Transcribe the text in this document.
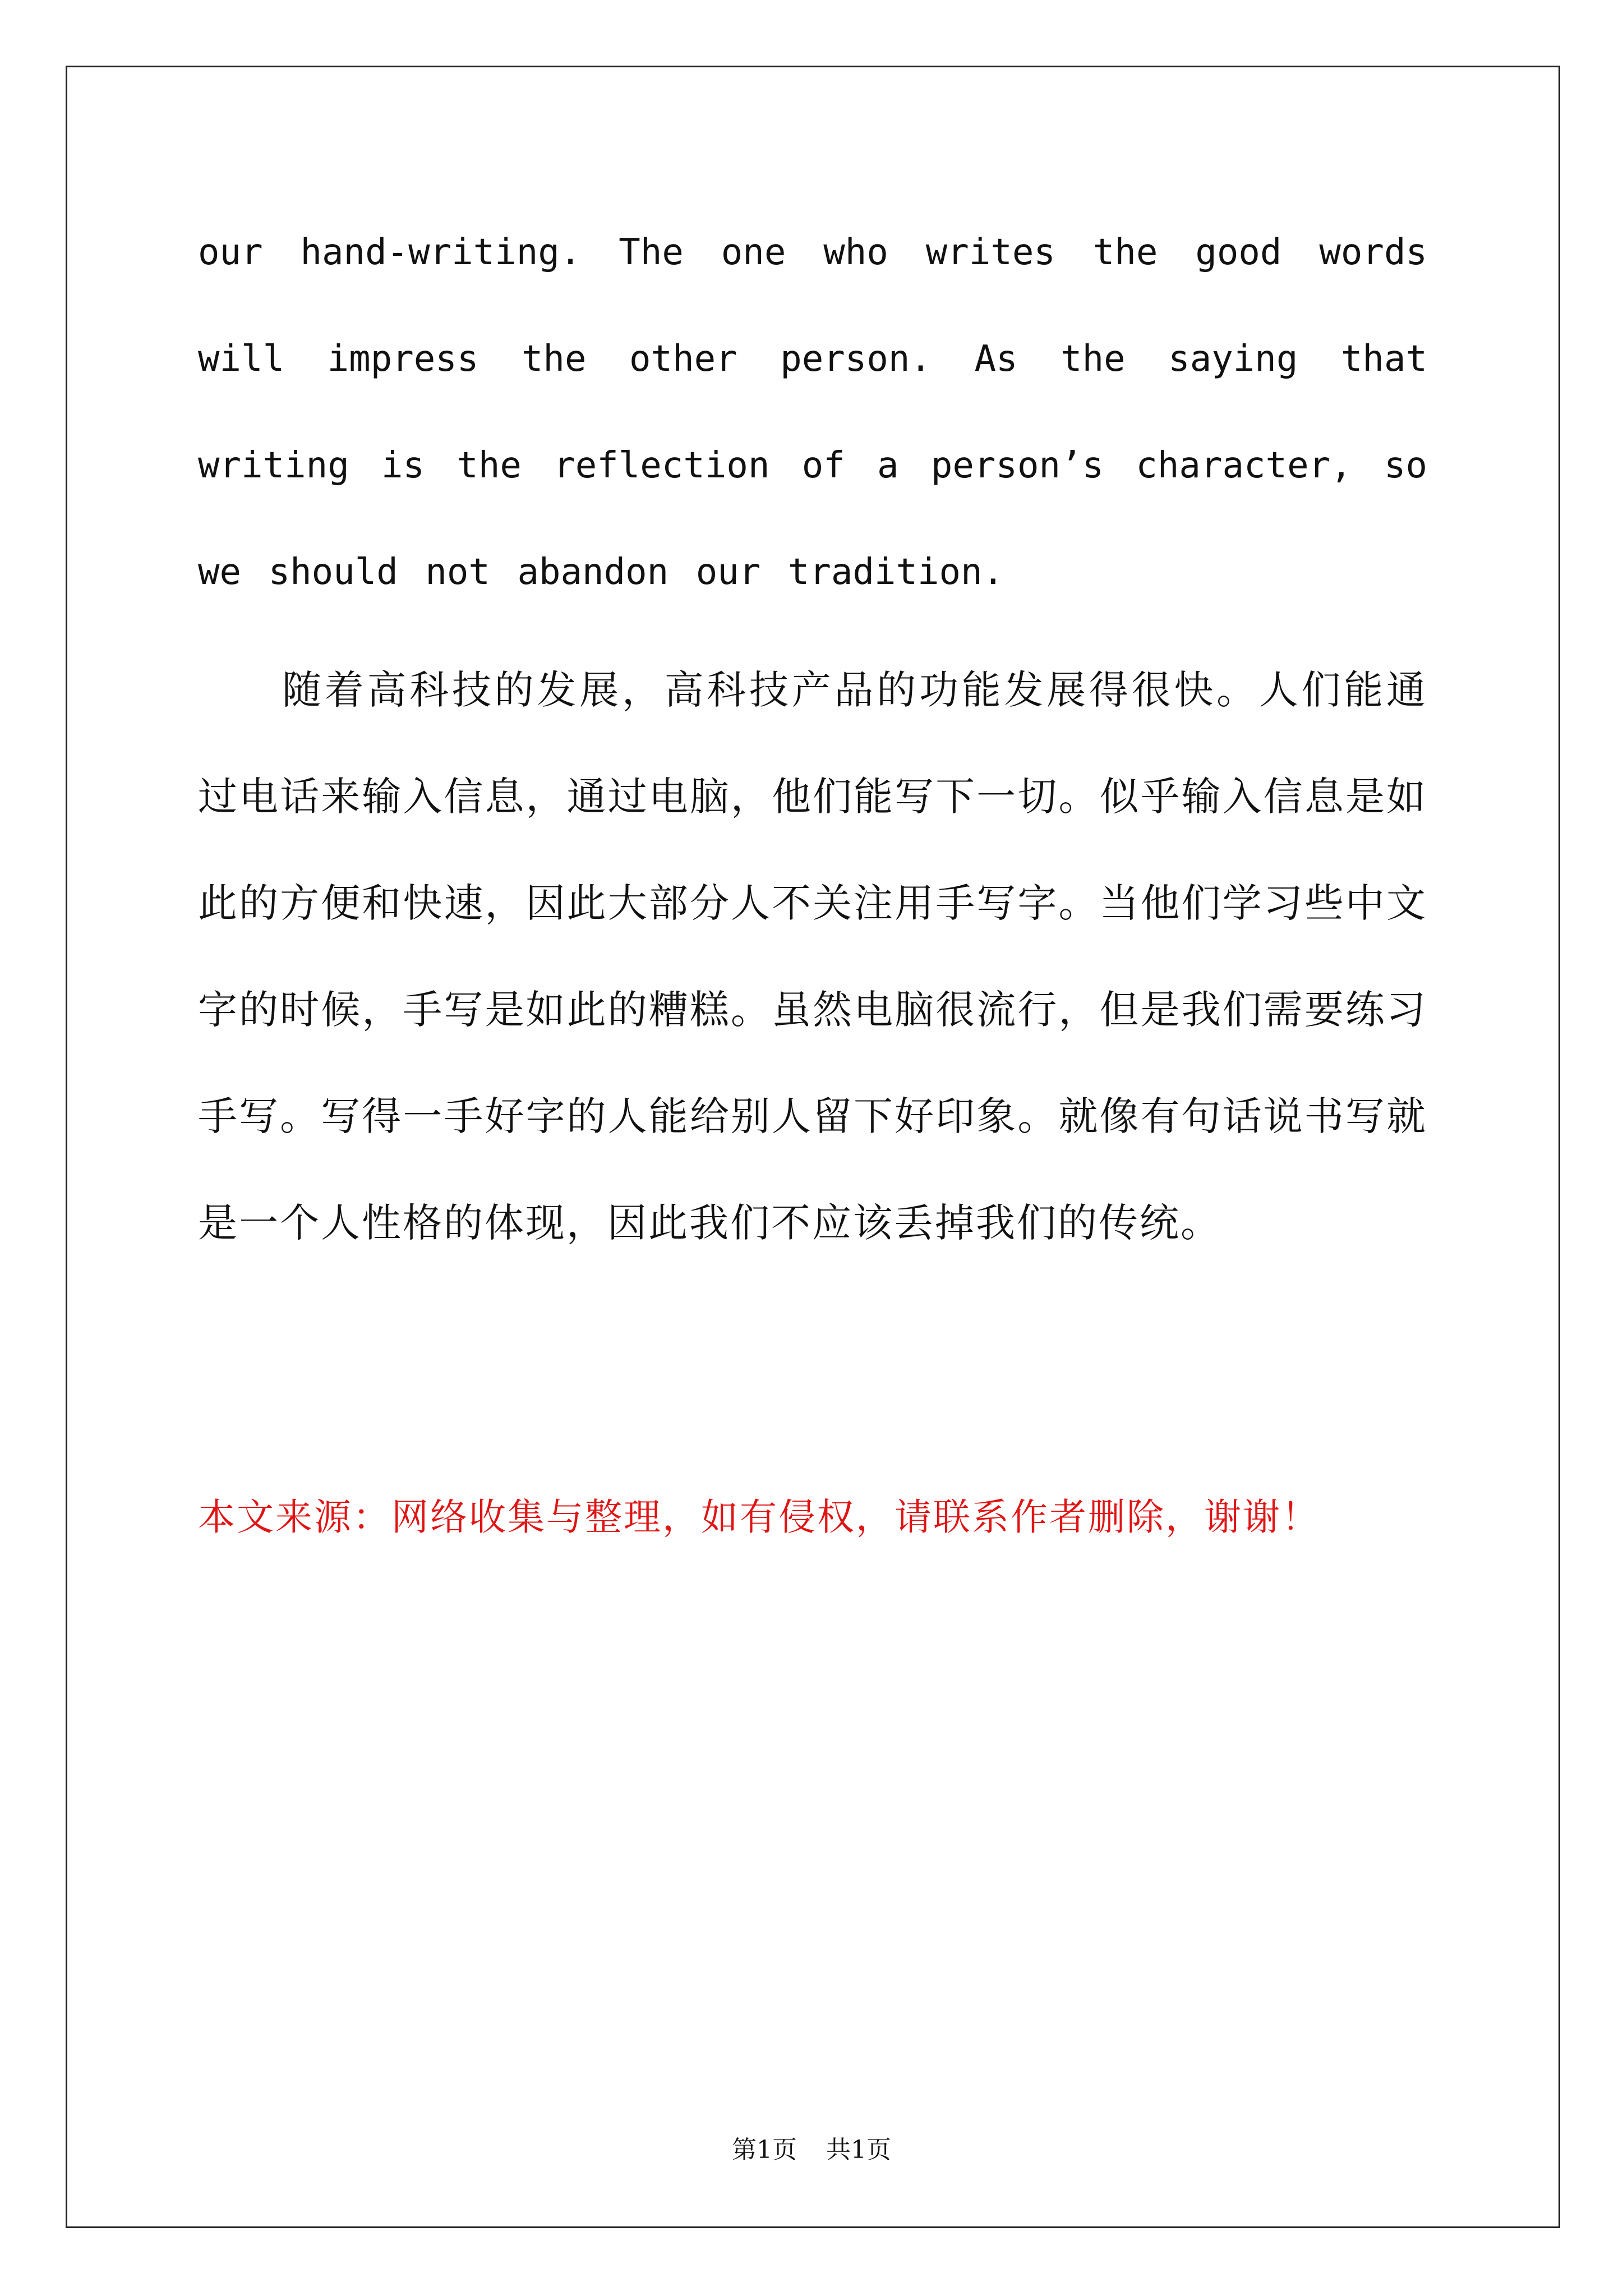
our hand-writing. The one who writes the good words will impress the other person. As the saying that writing is the reflection of a person’s character, so we should not abandon our tradition.

随着高科技的发展，高科技产品的功能发展得很快。人们能通过电话来输入信息，通过电脑，他们能写下一切。似乎输入信息是如此的方便和快速，因此大部分人不关注用手写字。当他们学习些中文字的时候，手写是如此的糟糕。虽然电脑很流行，但是我们需要练习手写。写得一手好字的人能给别人留下好印象。就像有句话说书写就是一个人性格的体现，因此我们不应该丢掉我们的传统。

本文来源：网络收集与整理，如有侵权，请联系作者删除，谢谢！

第1页 共1页
